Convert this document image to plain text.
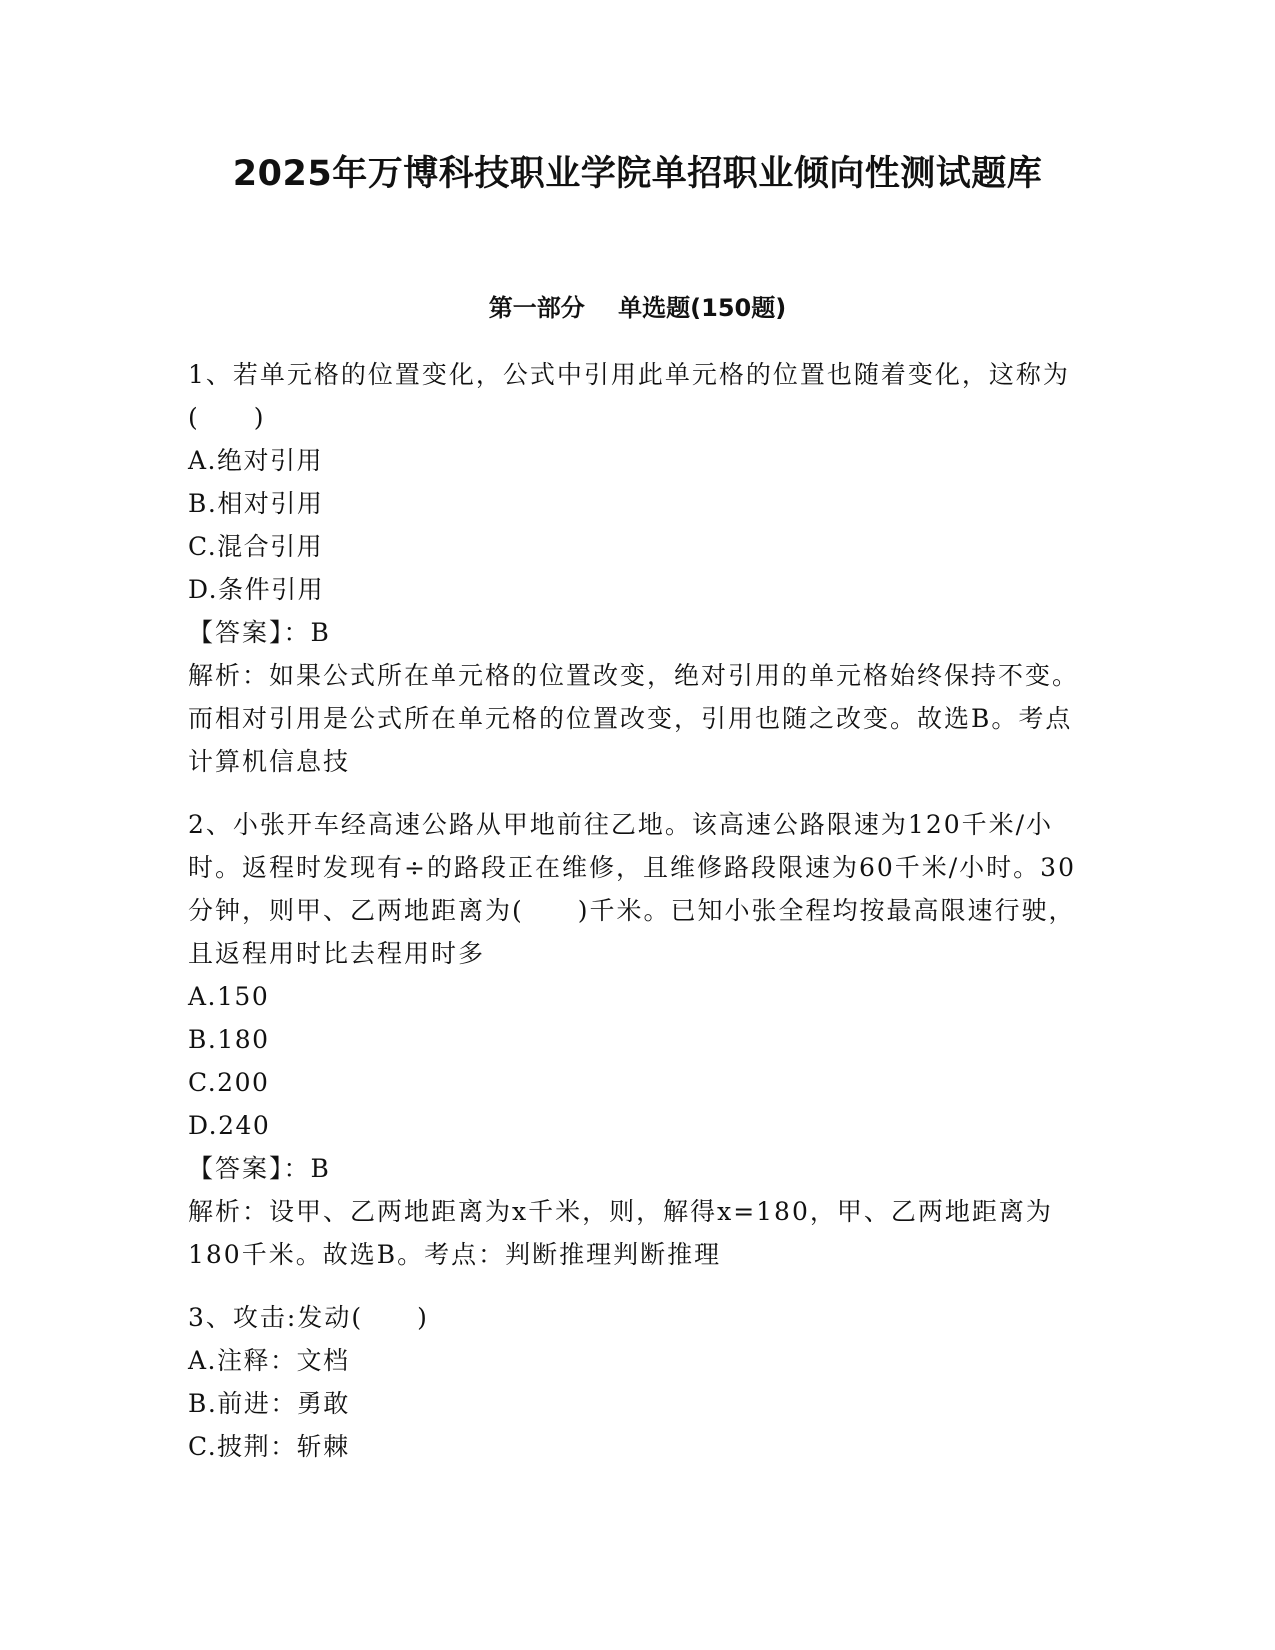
2025年万博科技职业学院单招职业倾向性测试题库
第一部分    单选题(150题)

1、若单元格的位置变化，公式中引用此单元格的位置也随着变化，这称为(　　)

A.绝对引用

B.相对引用

C.混合引用

D.条件引用

【答案】：B

解析：如果公式所在单元格的位置改变，绝对引用的单元格始终保持不变。而相对引用是公式所在单元格的位置改变，引用也随之改变。故选B。考点计算机信息技

2、小张开车经高速公路从甲地前往乙地。该高速公路限速为120千米/小时。返程时发现有÷的路段正在维修，且维修路段限速为60千米/小时。30分钟，则甲、乙两地距离为(　　)千米。已知小张全程均按最高限速行驶，且返程用时比去程用时多

A.150

B.180

C.200

D.240

【答案】：B

解析：设甲、乙两地距离为x千米，则，解得x=180，甲、乙两地距离为180千米。故选B。考点：判断推理判断推理

3、攻击:发动(　　)

A.注释：文档

B.前进：勇敢

C.披荆：斩棘
